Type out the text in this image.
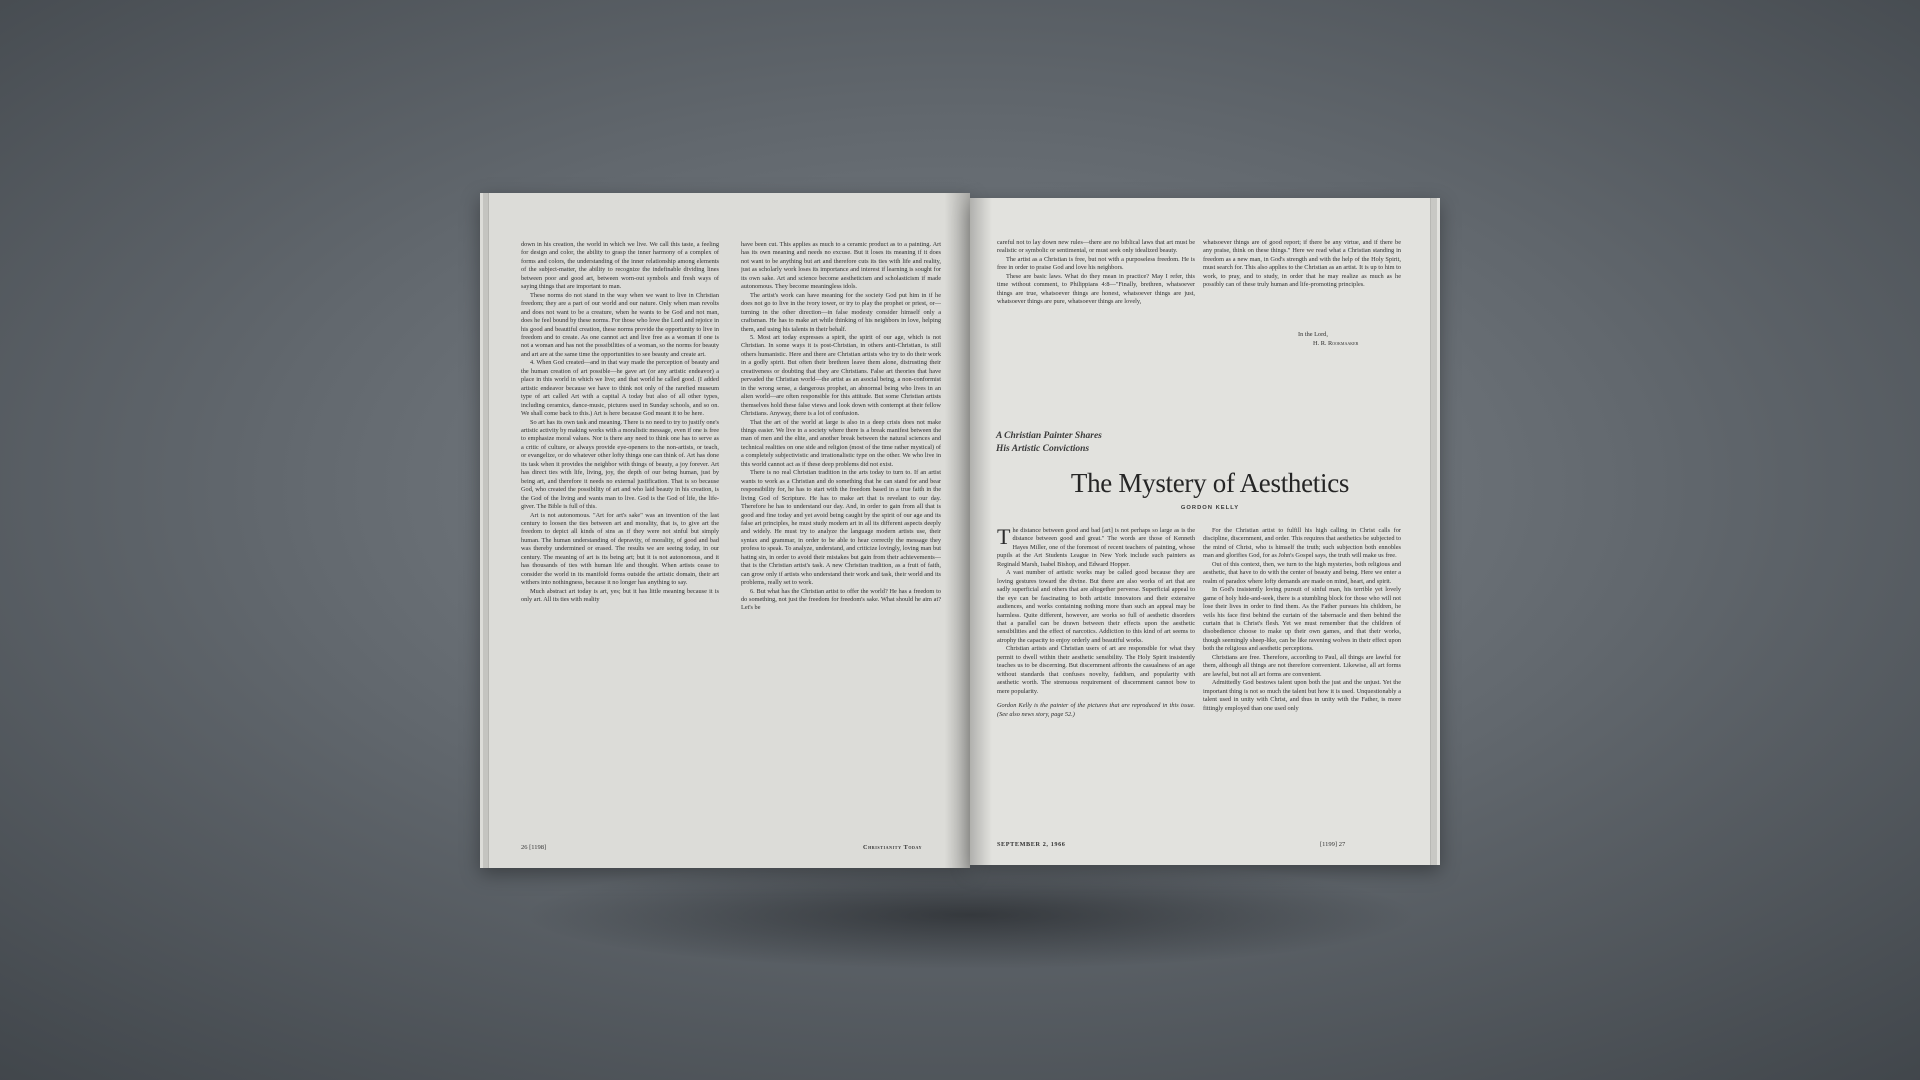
down in his creation, the world in which we live. We call this taste, a feeling for design and color, the ability to grasp the inner harmony of a complex of forms and colors, the understanding of the inner relationship among elements of the subject-matter, the ability to recognize the indefinable dividing lines between poor and good art, between worn-out symbols and fresh ways of saying things that are important to man.

These norms do not stand in the way when we want to live in Christian freedom; they are a part of our world and our nature. Only when man revolts and does not want to be a creature, when he wants to be God and not man, does he feel bound by these norms. For those who love the Lord and rejoice in his good and beautiful creation, these norms provide the opportunity to live in freedom and to create. As one cannot act and live free as a woman if one is not a woman and has not the possibilities of a woman, so the norms for beauty and art are at the same time the opportunities to see beauty and create art.

4. When God created—and in that way made the perception of beauty and the human creation of art possible—he gave art (or any artistic endeavor) a place in this world in which we live; and that world he called good. (I added artistic endeavor because we have to think not only of the rarefied museum type of art called Art with a capital A today but also of all other types, including ceramics, dance-music, pictures used in Sunday schools, and so on. We shall come back to this.) Art is here because God meant it to be here.

So art has its own task and meaning. There is no need to try to justify one's artistic activity by making works with a moralistic message, even if one is free to emphasize moral values. Nor is there any need to think one has to serve as a critic of culture, or always provide eye-openers to the non-artists, or teach, or evangelize, or do whatever other lofty things one can think of. Art has done its task when it provides the neighbor with things of beauty, a joy forever. Art has direct ties with life, living, joy, the depth of our being human, just by being art, and therefore it needs no external justification. That is so because God, who created the possibility of art and who laid beauty in his creation, is the God of the living and wants man to live. God is the God of life, the life-giver. The Bible is full of this.

Art is not autonomous. "Art for art's sake" was an invention of the last century to loosen the ties between art and morality, that is, to give art the freedom to depict all kinds of sins as if they were not sinful but simply human. The human understanding of depravity, of morality, of good and bad was thereby undermined or erased. The results we are seeing today, in our century. The meaning of art is its being art; but it is not autonomous, and it has thousands of ties with human life and thought. When artists cease to consider the world in its manifold forms outside the artistic domain, their art withers into nothingness, because it no longer has anything to say.

Much abstract art today is art, yes; but it has little meaning because it is only art. All its ties with reality

have been cut. This applies as much to a ceramic product as to a painting. Art has its own meaning and needs no excuse. But it loses its meaning if it does not want to be anything but art and therefore cuts its ties with life and reality, just as scholarly work loses its importance and interest if learning is sought for its own sake. Art and science become aestheticism and scholasticism if made autonomous. They become meaningless idols.

The artist's work can have meaning for the society God put him in if he does not go to live in the ivory tower, or try to play the prophet or priest, or—turning in the other direction—in false modesty consider himself only a craftsman. He has to make art while thinking of his neighbors in love, helping them, and using his talents in their behalf.

5. Most art today expresses a spirit, the spirit of our age, which is not Christian. In some ways it is post-Christian, in others anti-Christian, is still others humanistic. Here and there are Christian artists who try to do their work in a godly spirit. But often their brethren leave them alone, distrusting their creativeness or doubting that they are Christians. False art theories that have pervaded the Christian world—the artist as an asocial being, a non-conformist in the wrong sense, a dangerous prophet, an abnormal being who lives in an alien world—are often responsible for this attitude. But some Christian artists themselves hold these false views and look down with contempt at their fellow Christians. Anyway, there is a lot of confusion.

That the art of the world at large is also in a deep crisis does not make things easier. We live in a society where there is a break manifest between the man of men and the elite, and another break between the natural sciences and technical realities on one side and religion (most of the time rather mystical) of a completely subjectivistic and irrationalistic type on the other. We who live in this world cannot act as if these deep problems did not exist.

There is no real Christian tradition in the arts today to turn to. If an artist wants to work as a Christian and do something that he can stand for and bear responsibility for, he has to start with the freedom based in a true faith in the living God of Scripture. He has to make art that is revelant to our day. Therefore he has to understand our day. And, in order to gain from all that is good and fine today and yet avoid being caught by the spirit of our age and its false art principles, he must study modern art in all its different aspects deeply and widely. He must try to analyze the language modern artists use, their syntax and grammar, in order to be able to hear correctly the message they profess to speak. To analyze, understand, and criticize lovingly, loving man but hating sin, in order to avoid their mistakes but gain from their achievements—that is the Christian artist's task. A new Christian tradition, as a fruit of faith, can grow only if artists who understand their work and task, their world and its problems, really set to work.

6. But what has the Christian artist to offer the world? He has a freedom to do something, not just the freedom for freedom's sake. What should he aim at? Let's be

26 [1198]	Christianity Today

careful not to lay down new rules—there are no biblical laws that art must be realistic or symbolic or sentimental, or must seek only idealized beauty.

The artist as a Christian is free, but not with a purposeless freedom. He is free in order to praise God and love his neighbors.

These are basic laws. What do they mean in practice? May I refer, this time without comment, to Philippians 4:8—"Finally, brethren, whatsoever things are true, whatsoever things are honest, whatsoever things are just, whatsoever things are pure, whatsoever things are lovely,

whatsoever things are of good report; if there be any virtue, and if there be any praise, think on these things." Here we read what a Christian standing in freedom as a new man, in God's strength and with the help of the Holy Spirit, must search for. This also applies to the Christian as an artist. It is up to him to work, to pray, and to study, in order that he may realize as much as he possibly can of these truly human and life-promoting principles.

In the Lord,
H. R. Rookmaaker
A Christian Painter Shares
His Artistic Convictions
The Mystery of Aesthetics
GORDON KELLY

The distance between good and bad [art] is not perhaps so large as is the distance between good and great." The words are those of Kenneth Hayes Miller, one of the foremost of recent teachers of painting, whose pupils at the Art Students League in New York include such painters as Reginald Marsh, Isabel Bishop, and Edward Hopper.

A vast number of artistic works may be called good because they are loving gestures toward the divine. But there are also works of art that are sadly superficial and others that are altogether perverse. Superficial appeal to the eye can be fascinating to both artistic innovators and their extensive audiences, and works containing nothing more than such an appeal may be harmless. Quite different, however, are works so full of aesthetic disorders that a parallel can be drawn between their effects upon the aesthetic sensibilities and the effect of narcotics. Addiction to this kind of art seems to atrophy the capacity to enjoy orderly and beautiful works.

Christian artists and Christian users of art are responsible for what they permit to dwell within their aesthetic sensibility. The Holy Spirit insistently teaches us to be discerning. But discernment affronts the casualness of an age without standards that confuses novelty, faddism, and popularity with aesthetic worth. The strenuous requirement of discernment cannot bow to mere popularity.

Gordon Kelly is the painter of the pictures that are reproduced in this issue. (See also news story, page 52.)

For the Christian artist to fulfill his high calling in Christ calls for discipline, discernment, and order. This requires that aesthetics be subjected to the mind of Christ, who is himself the truth; such subjection both ennobles man and glorifies God, for as John's Gospel says, the truth will make us free.

Out of this context, then, we turn to the high mysteries, both religious and aesthetic, that have to do with the center of beauty and being. Here we enter a realm of paradox where lofty demands are made on mind, heart, and spirit.

In God's insistently loving pursuit of sinful man, his terrible yet lovely game of holy hide-and-seek, there is a stumbling block for those who will not lose their lives in order to find them. As the Father pursues his children, he veils his face first behind the curtain of the tabernacle and then behind the curtain that is Christ's flesh. Yet we must remember that the children of disobedience choose to make up their own games, and that their works, though seemingly sheep-like, can be like ravening wolves in their effect upon both the religious and aesthetic perceptions.

Christians are free. Therefore, according to Paul, all things are lawful for them, although all things are not therefore convenient. Likewise, all art forms are lawful, but not all art forms are convenient.

Admittedly God bestows talent upon both the just and the unjust. Yet the important thing is not so much the talent but how it is used. Unquestionably a talent used in unity with Christ, and thus in unity with the Father, is more fittingly employed than one used only

SEPTEMBER 2, 1966	[1199] 27
